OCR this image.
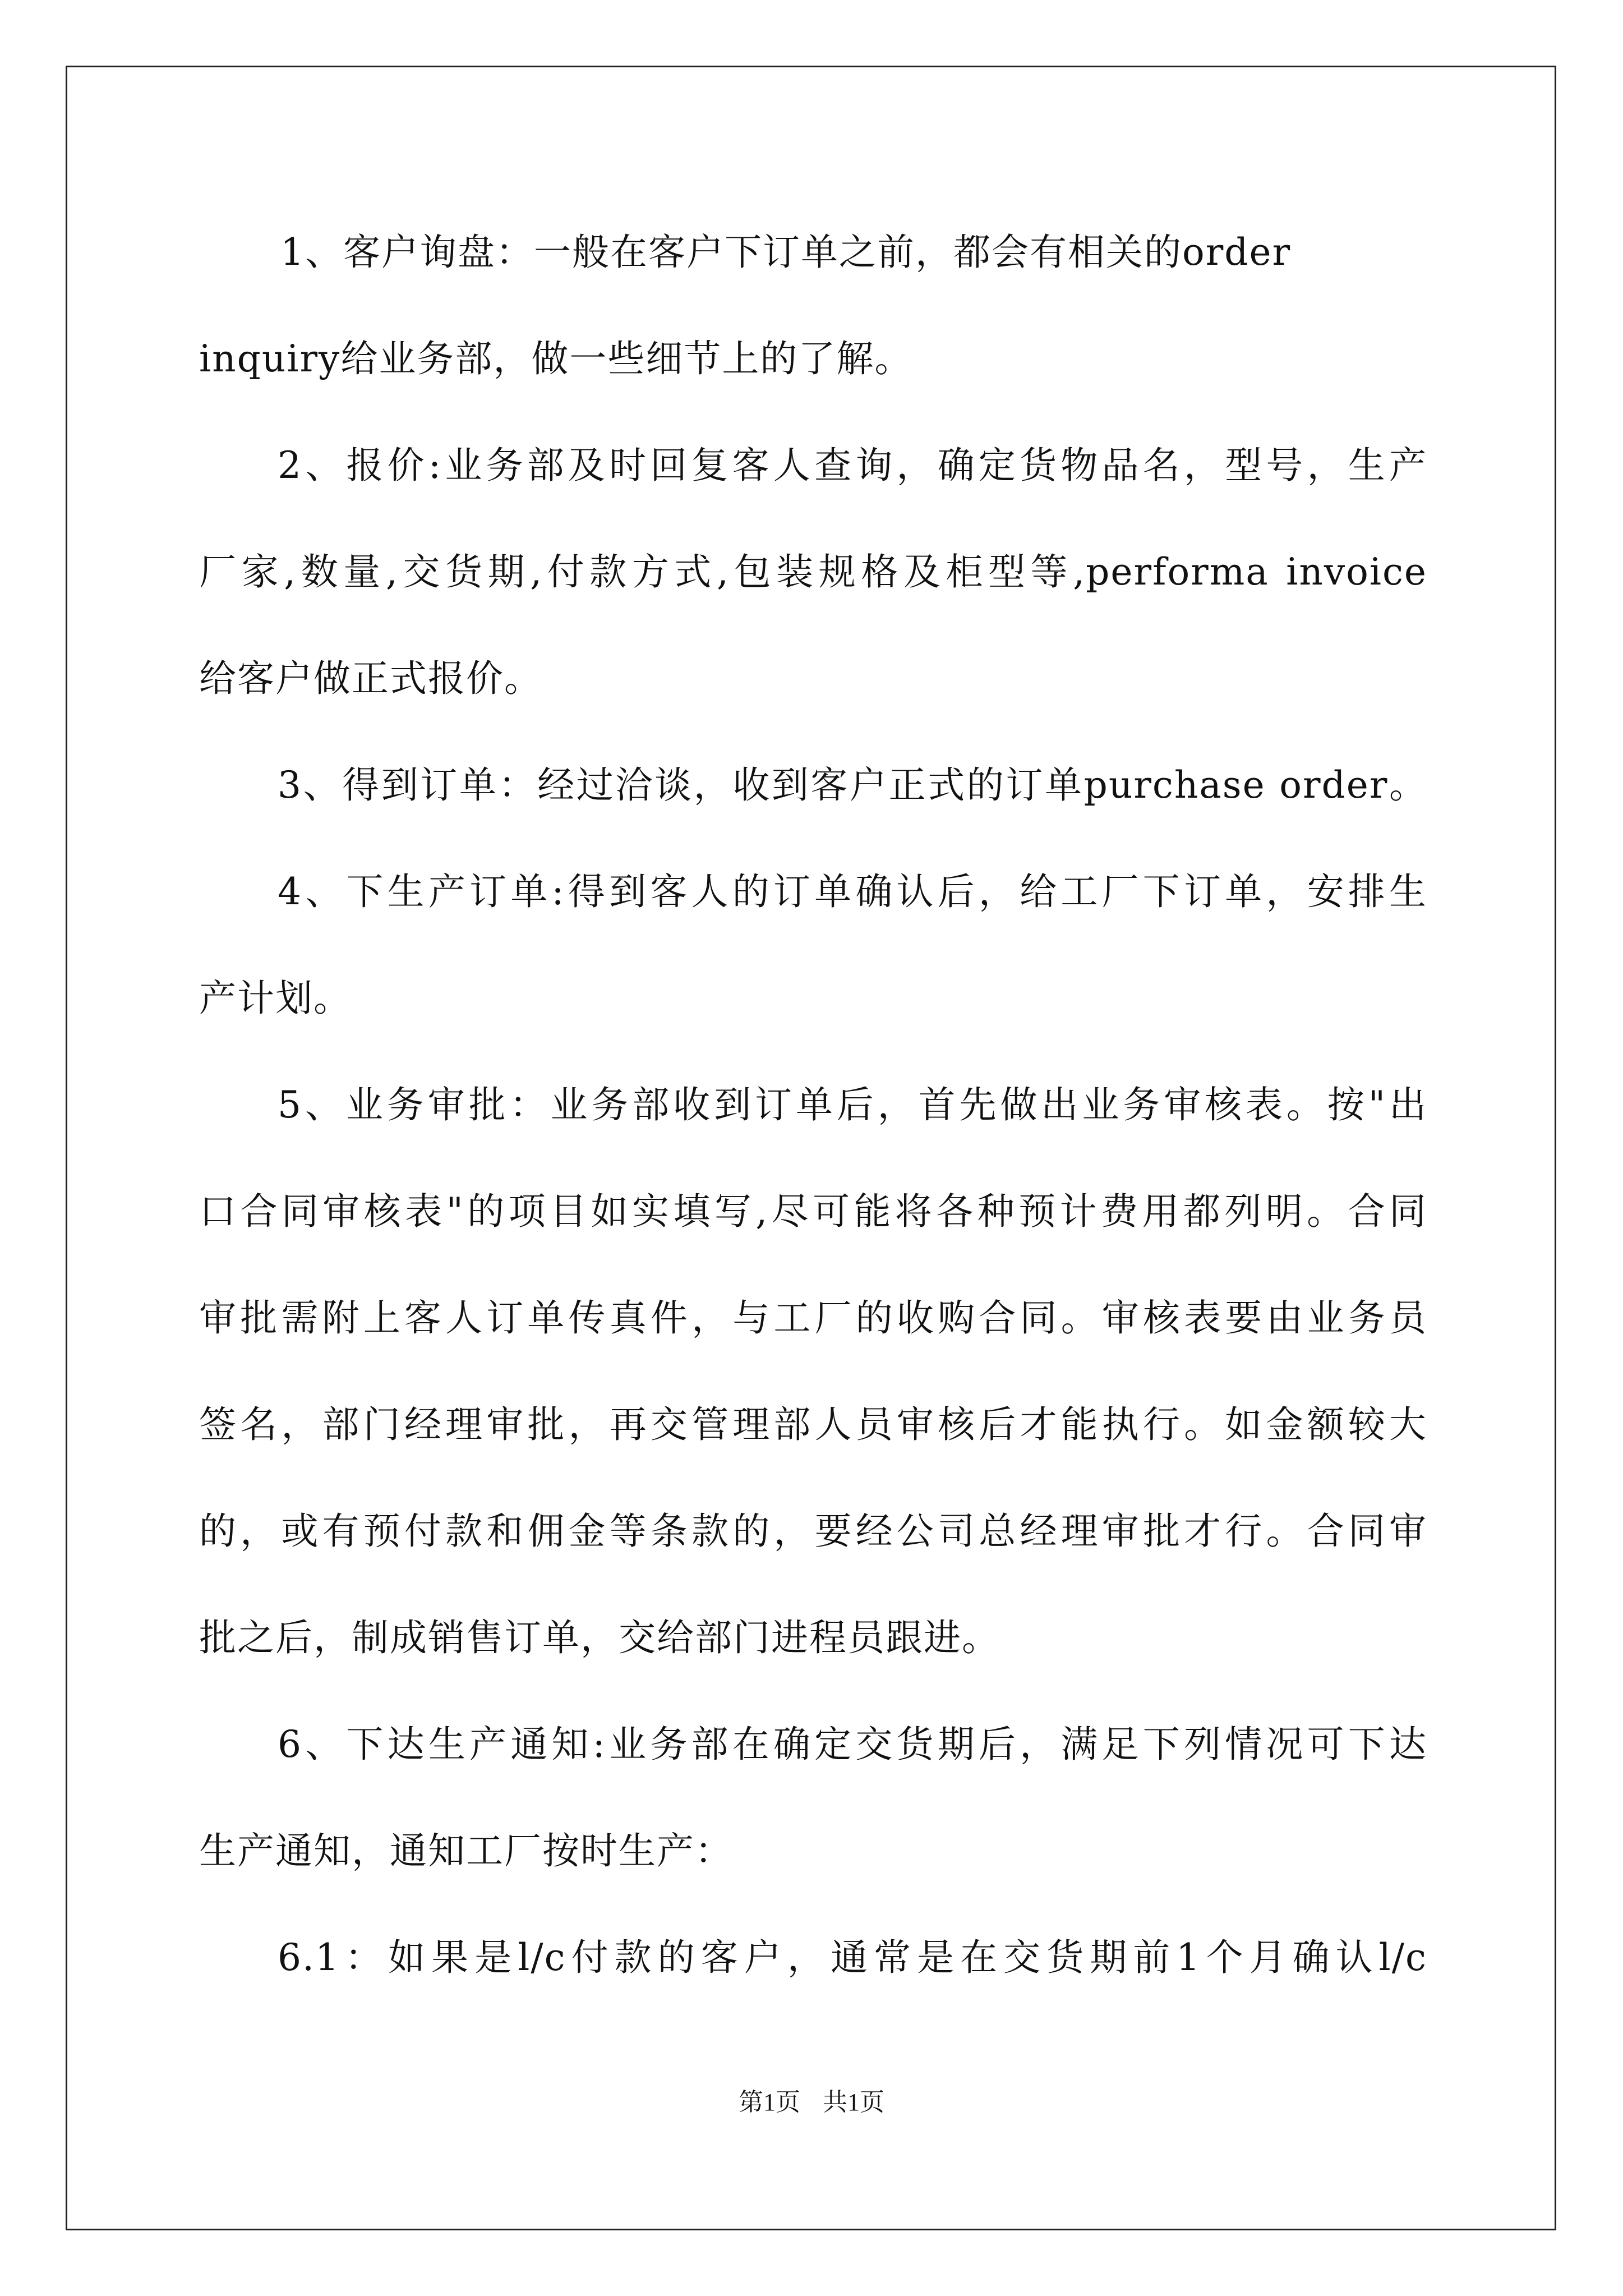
1、客户询盘：一般在客户下订单之前，都会有相关的order
inquiry给业务部，做一些细节上的了解。
2、报价:业务部及时回复客人查询，确定货物品名，型号，生产
厂家,数量,交货期,付款方式,包装规格及柜型等,performa invoice
给客户做正式报价。
3、得到订单：经过洽谈，收到客户正式的订单purchase order。
4、下生产订单:得到客人的订单确认后，给工厂下订单，安排生
产计划。
5、业务审批：业务部收到订单后，首先做出业务审核表。按"出
口合同审核表"的项目如实填写,尽可能将各种预计费用都列明。合同
审批需附上客人订单传真件，与工厂的收购合同。审核表要由业务员
签名，部门经理审批，再交管理部人员审核后才能执行。如金额较大
的，或有预付款和佣金等条款的，要经公司总经理审批才行。合同审
批之后，制成销售订单，交给部门进程员跟进。
6、下达生产通知:业务部在确定交货期后，满足下列情况可下达
生产通知，通知工厂按时生产：
6.1：如果是l/c付款的客户，通常是在交货期前1个月确认l/c
第1页 共1页
